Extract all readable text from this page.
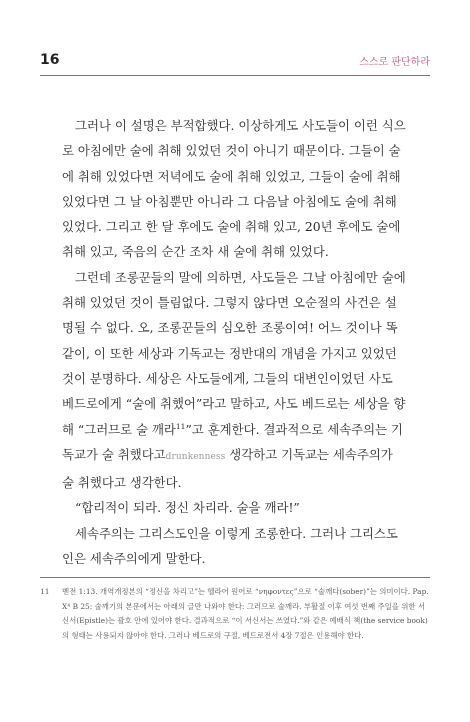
16	스스로 판단하라

그러나 이 설명은 부적합했다. 이상하게도 사도들이 이런 식으로 아침에만 술에 취해 있었던 것이 아니기 때문이다. 그들이 술에 취해 있었다면 저녁에도 술에 취해 있었고, 그들이 술에 취해 있었다면 그 날 아침뿐만 아니라 그 다음날 아침에도 술에 취해 있었다. 그리고 한 달 후에도 술에 취해 있고, 20년 후에도 술에 취해 있고, 죽음의 순간 조차 새 술에 취해 있었다.

그런데 조롱꾼들의 말에 의하면, 사도들은 그날 아침에만 술에 취해 있었던 것이 틀림없다. 그렇지 않다면 오순절의 사건은 설명될 수 없다. 오, 조롱꾼들의 심오한 조롱이여! 어느 것이나 똑같이, 이 또한 세상과 기독교는 정반대의 개념을 가지고 있었던 것이 분명하다. 세상은 사도들에게, 그들의 대변인이었던 사도 베드로에게 “술에 취했어”라고 말하고, 사도 베드로는 세상을 향해 “그러므로 술 깨라$^{11}$”고 훈계한다. 결과적으로 세속주의는 기독교가 술 취했다고drunkenness 생각하고 기독교는 세속주의가 술 취했다고 생각한다.

“합리적이 되라. 정신 차리라. 술을 깨라!”

세속주의는 그리스도인을 이렇게 조롱한다. 그러나 그리스도인은 세속주의에게 말한다.

11 벧전 1:13. 개역개정본의 “정신을 차리고”는 헬라어 원어로 “νηφοντες”으로 “술깨다(sober)”는 의미이다. Pap. X⁴ B 25: 술깨기의 본문에서는 아래의 글만 나와야 한다: 그러므로 술깨라. 부활절 이후 여섯 번째 주일을 위한 서신서(Epistle)는 괄호 안에 있어야 한다. 결과적으로 “이 서신서는 쓰였다.”와 같은 예배식 책(the service book)의 형태는 사용되지 않아야 한다. 그러나 베드로의 구절, 베드로전서 4장 7절은 인용해야 한다.
